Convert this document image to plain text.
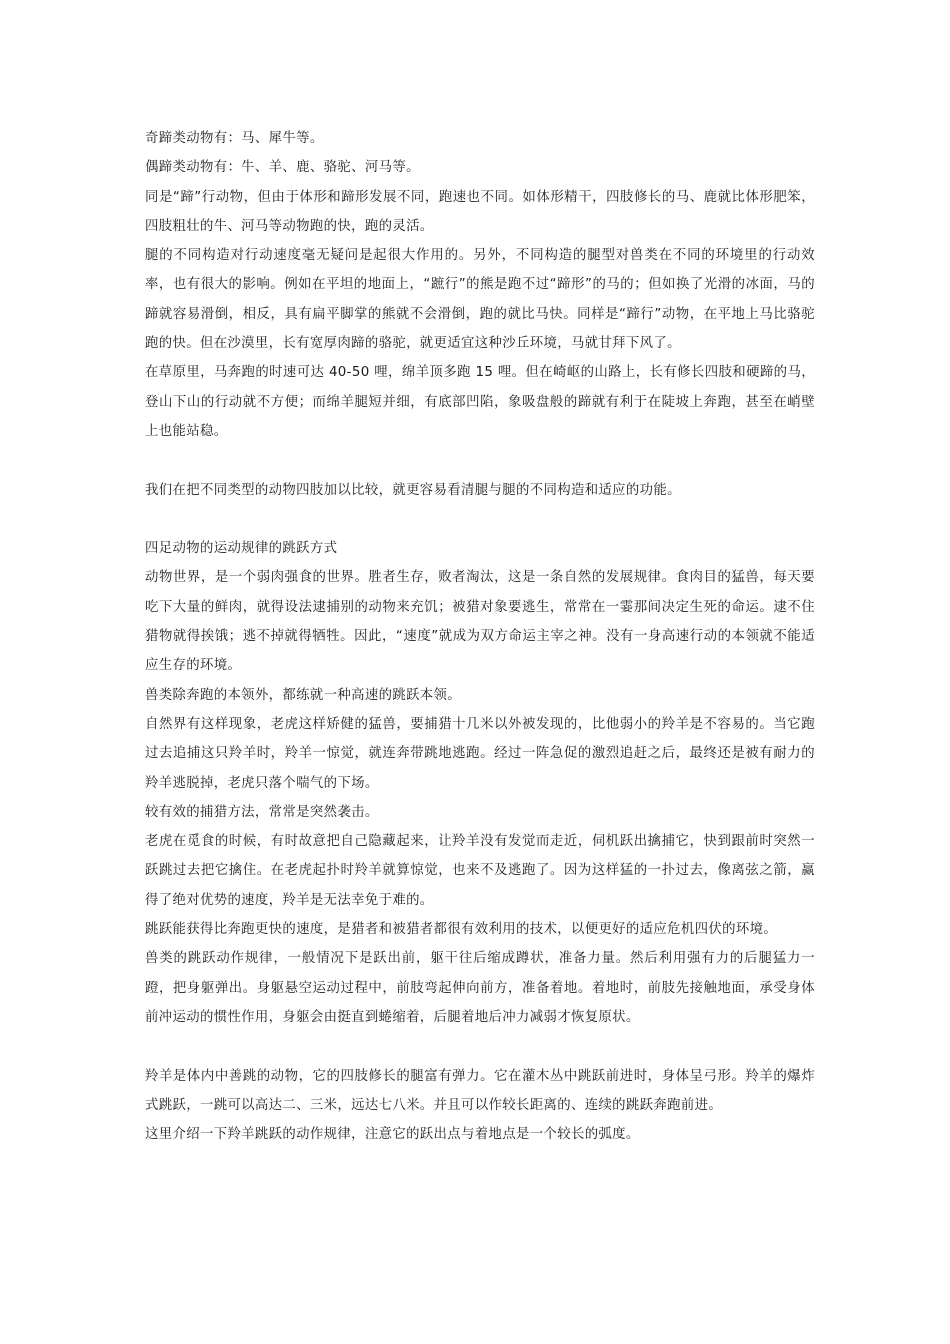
奇蹄类动物有：马、犀牛等。

偶蹄类动物有：牛、羊、鹿、骆驼、河马等。

同是“蹄”行动物，但由于体形和蹄形发展不同，跑速也不同。如体形精干，四肢修长的马、鹿就比体形肥笨，四肢粗壮的牛、河马等动物跑的快，跑的灵活。

腿的不同构造对行动速度毫无疑问是起很大作用的。另外，不同构造的腿型对兽类在不同的环境里的行动效率，也有很大的影响。例如在平坦的地面上，“蹠行”的熊是跑不过“蹄形”的马的；但如换了光滑的冰面，马的蹄就容易滑倒，相反，具有扁平脚掌的熊就不会滑倒，跑的就比马快。同样是“蹄行”动物，在平地上马比骆驼跑的快。但在沙漠里，长有宽厚肉蹄的骆驼，就更适宜这种沙丘环境，马就甘拜下风了。

在草原里，马奔跑的时速可达 40-50 哩，绵羊顶多跑 15 哩。但在崎岖的山路上，长有修长四肢和硬蹄的马，登山下山的行动就不方便；而绵羊腿短并细，有底部凹陷，象吸盘般的蹄就有利于在陡坡上奔跑，甚至在峭壁上也能站稳。

我们在把不同类型的动物四肢加以比较，就更容易看清腿与腿的不同构造和适应的功能。

四足动物的运动规律的跳跃方式

动物世界，是一个弱肉强食的世界。胜者生存，败者淘汰，这是一条自然的发展规律。食肉目的猛兽，每天要吃下大量的鲜肉，就得设法逮捕别的动物来充饥；被猎对象要逃生，常常在一霎那间决定生死的命运。逮不住猎物就得挨饿；逃不掉就得牺牲。因此，“速度”就成为双方命运主宰之神。没有一身高速行动的本领就不能适应生存的环境。

兽类除奔跑的本领外，都练就一种高速的跳跃本领。

自然界有这样现象，老虎这样矫健的猛兽，要捕猎十几米以外被发现的，比他弱小的羚羊是不容易的。当它跑过去追捕这只羚羊时，羚羊一惊觉，就连奔带跳地逃跑。经过一阵急促的激烈追赶之后，最终还是被有耐力的羚羊逃脱掉，老虎只落个喘气的下场。

较有效的捕猎方法，常常是突然袭击。

老虎在觅食的时候，有时故意把自己隐藏起来，让羚羊没有发觉而走近，伺机跃出擒捕它，快到跟前时突然一跃跳过去把它擒住。在老虎起扑时羚羊就算惊觉，也来不及逃跑了。因为这样猛的一扑过去，像离弦之箭，赢得了绝对优势的速度，羚羊是无法幸免于难的。

跳跃能获得比奔跑更快的速度，是猎者和被猎者都很有效利用的技术，以便更好的适应危机四伏的环境。

兽类的跳跃动作规律，一般情况下是跃出前，躯干往后缩成蹲状，准备力量。然后利用强有力的后腿猛力一蹬，把身躯弹出。身躯悬空运动过程中，前肢弯起伸向前方，准备着地。着地时，前肢先接触地面，承受身体前冲运动的惯性作用，身躯会由挺直到蜷缩着，后腿着地后冲力减弱才恢复原状。

羚羊是体内中善跳的动物，它的四肢修长的腿富有弹力。它在灌木丛中跳跃前进时，身体呈弓形。羚羊的爆炸式跳跃，一跳可以高达二、三米，远达七八米。并且可以作较长距离的、连续的跳跃奔跑前进。

这里介绍一下羚羊跳跃的动作规律，注意它的跃出点与着地点是一个较长的弧度。
